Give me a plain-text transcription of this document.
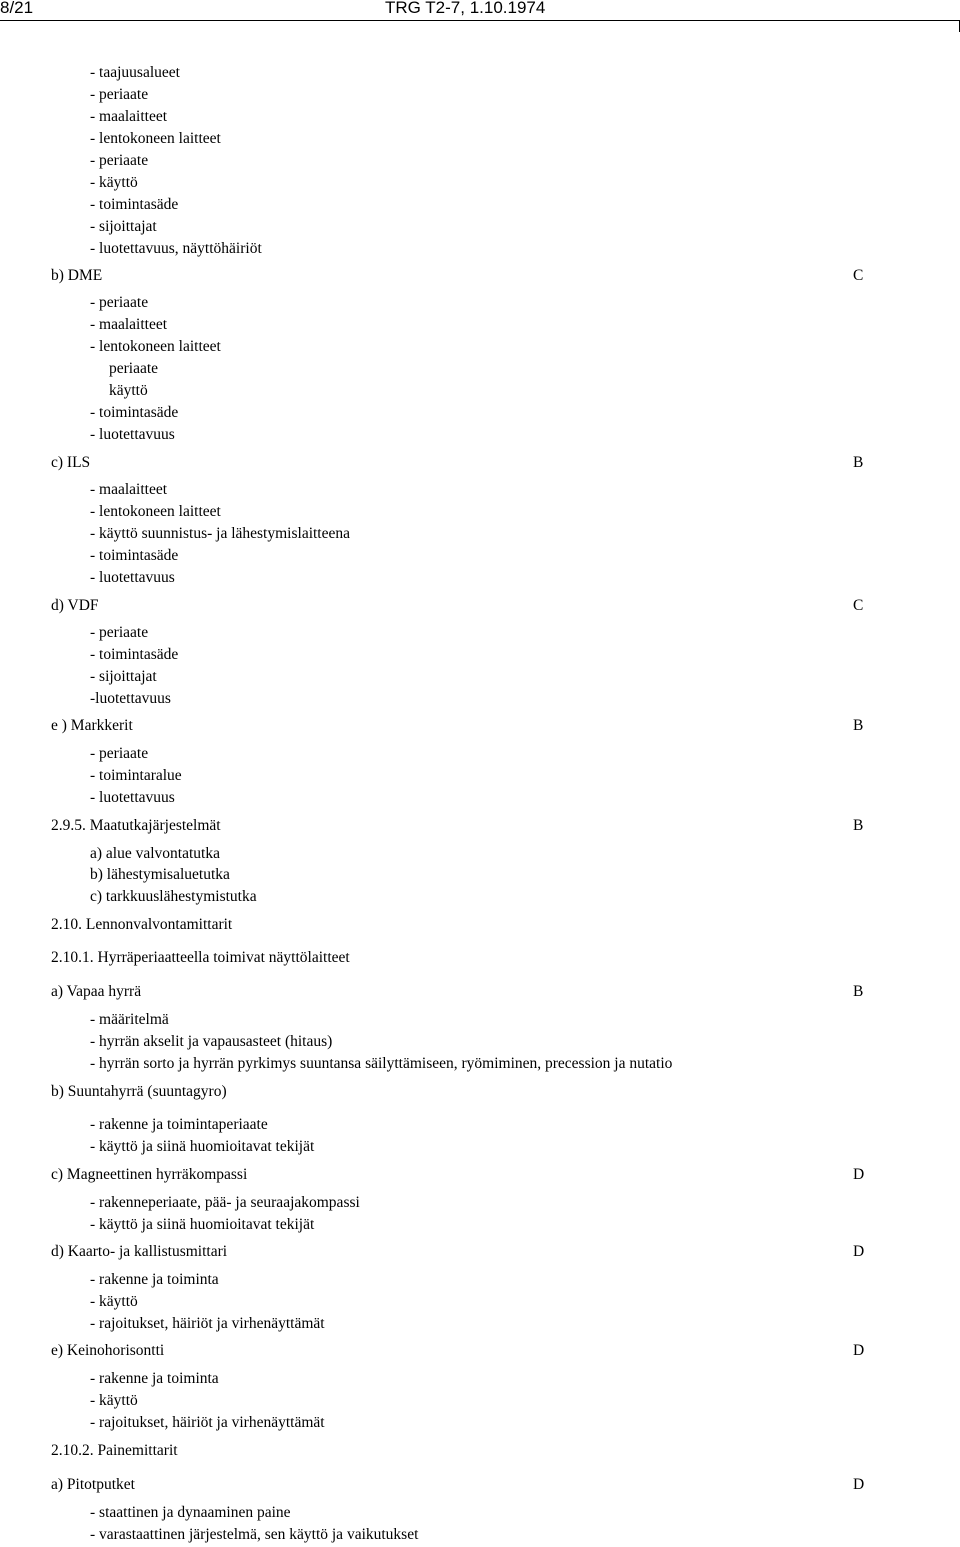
8/21	TRG T2-7, 1.10.1974
- taajuusalueet
- periaate
- maalaitteet
- lentokoneen laitteet
- periaate
- käyttö
- toimintasäde
- sijoittajat
- luotettavuus, näyttöhäiriöt
b) DME	C
- periaate
- maalaitteet
- lentokoneen laitteet
periaate
käyttö
- toimintasäde
- luotettavuus
c) ILS	B
- maalaitteet
- lentokoneen laitteet
- käyttö suunnistus- ja lähestymislaitteena
- toimintasäde
- luotettavuus
d) VDF	C
- periaate
- toimintasäde
- sijoittajat
-luotettavuus
e ) Markkerit	B
- periaate
- toimintaralue
- luotettavuus
2.9.5. Maatutkajärjestelmät	B
a) alue valvontatutka
b) lähestymisaluetutka
c) tarkkuuslähestymistutka
2.10. Lennonvalvontamittarit
2.10.1. Hyrräperiaatteella toimivat näyttölaitteet
a) Vapaa hyrrä	B
- määritelmä
- hyrrän akselit ja vapausasteet (hitaus)
- hyrrän sorto ja hyrrän pyrkimys suuntansa säilyttämiseen, ryömiminen, precession ja nutatio
b) Suuntahyrrä (suuntagyro)
- rakenne ja toimintaperiaate
- käyttö ja siinä huomioitavat tekijät
c) Magneettinen hyrräkompassi	D
- rakenneperiaate, pää- ja seuraajakompassi
- käyttö ja siinä huomioitavat tekijät
d) Kaarto- ja kallistusmittari	D
- rakenne ja toiminta
- käyttö
- rajoitukset, häiriöt ja virhenäyttämät
e) Keinohorisontti	D
- rakenne ja toiminta
- käyttö
- rajoitukset, häiriöt ja virhenäyttämät
2.10.2. Painemittarit
a) Pitotputket	D
- staattinen ja dynaaminen paine
- varastaattinen järjestelmä, sen käyttö ja vaikutukset
